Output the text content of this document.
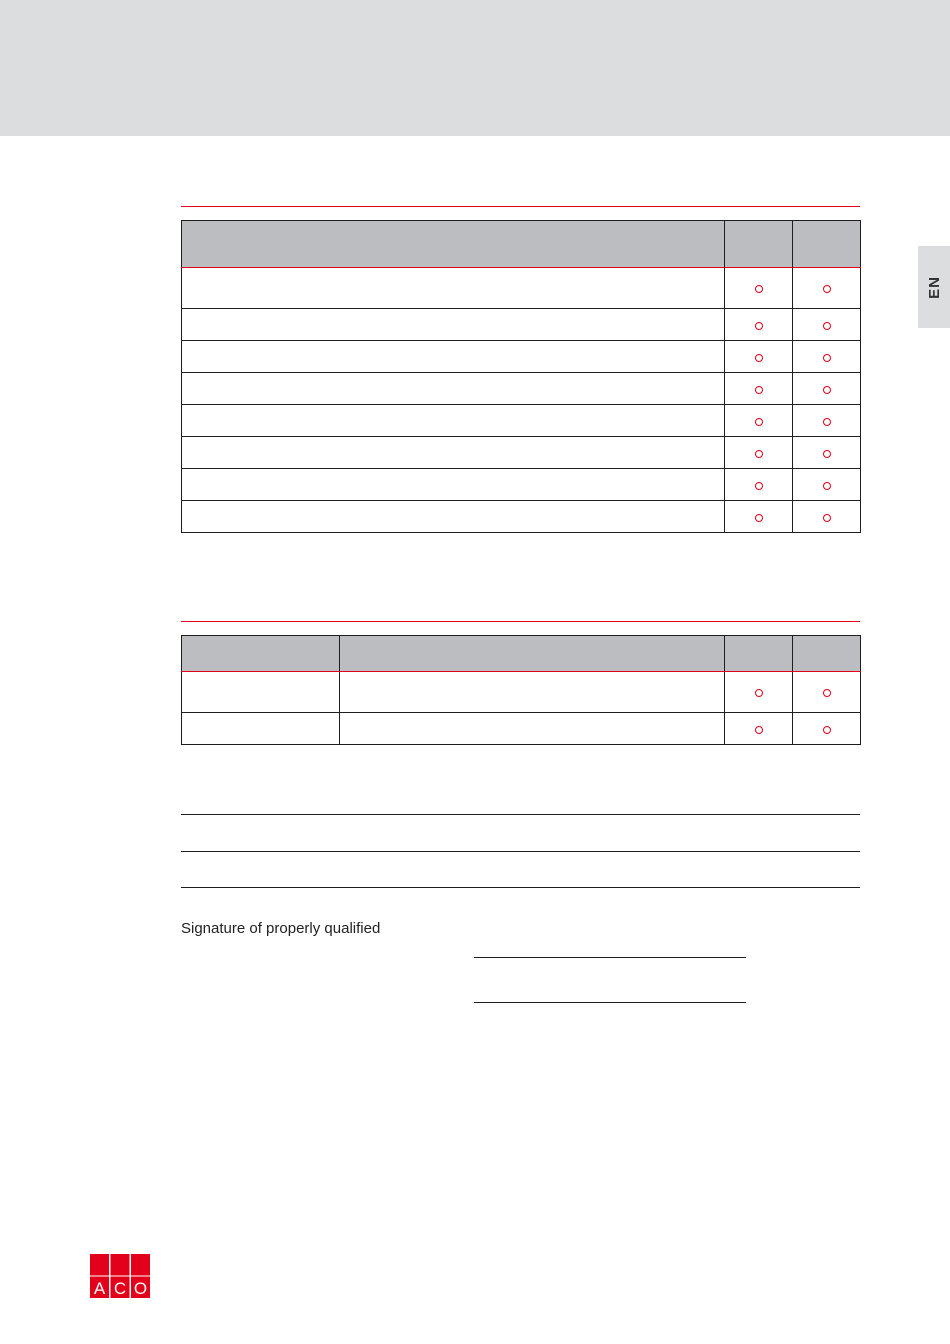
EN

Signature of properly qualified
A C O
